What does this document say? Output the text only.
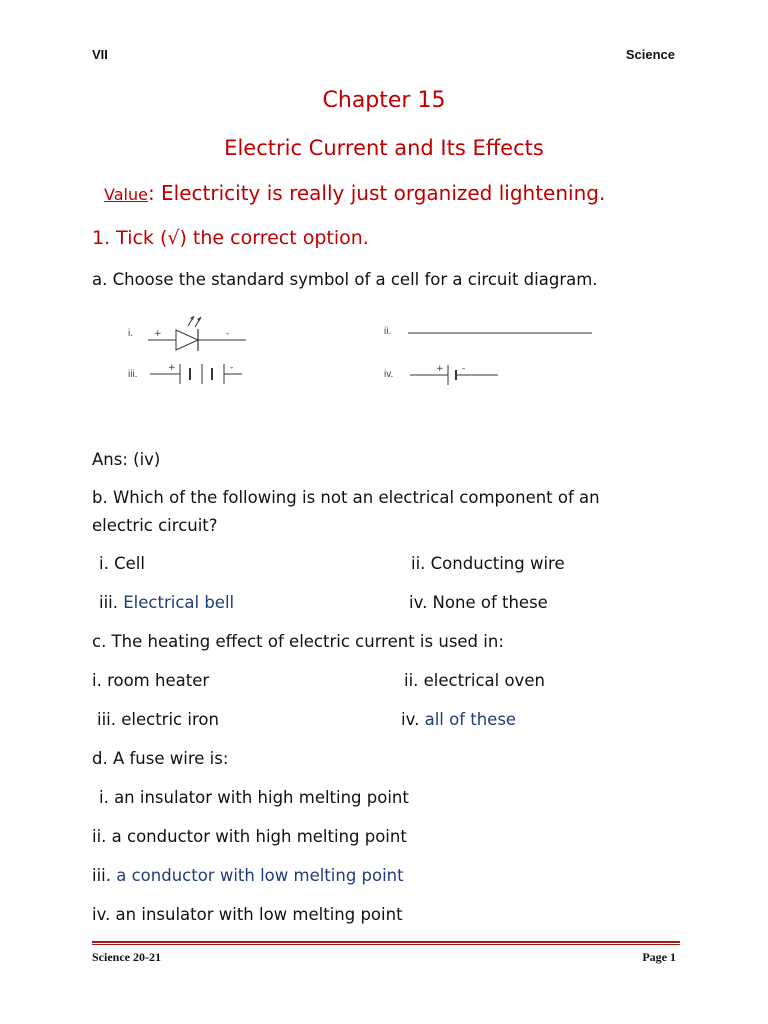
VII	Science
Chapter 15
Electric Current and Its Effects
Value: Electricity is really just organized lightening.
1. Tick (√) the correct option.
a. Choose the standard symbol of a cell for a circuit diagram.
i.	ii.
iii.	iv.
+	-
+	-	+ -
Ans: (iv)
b. Which of the following is not an electrical component of an
electric circuit?
i. Cell	ii. Conducting wire
iii. Electrical bell	iv. None of these
c. The heating effect of electric current is used in:
i. room heater	ii. electrical oven
iii. electric iron	iv. all of these
d. A fuse wire is:
i. an insulator with high melting point
ii. a conductor with high melting point
iii. a conductor with low melting point
iv. an insulator with low melting point
Science 20-21	Page 1
